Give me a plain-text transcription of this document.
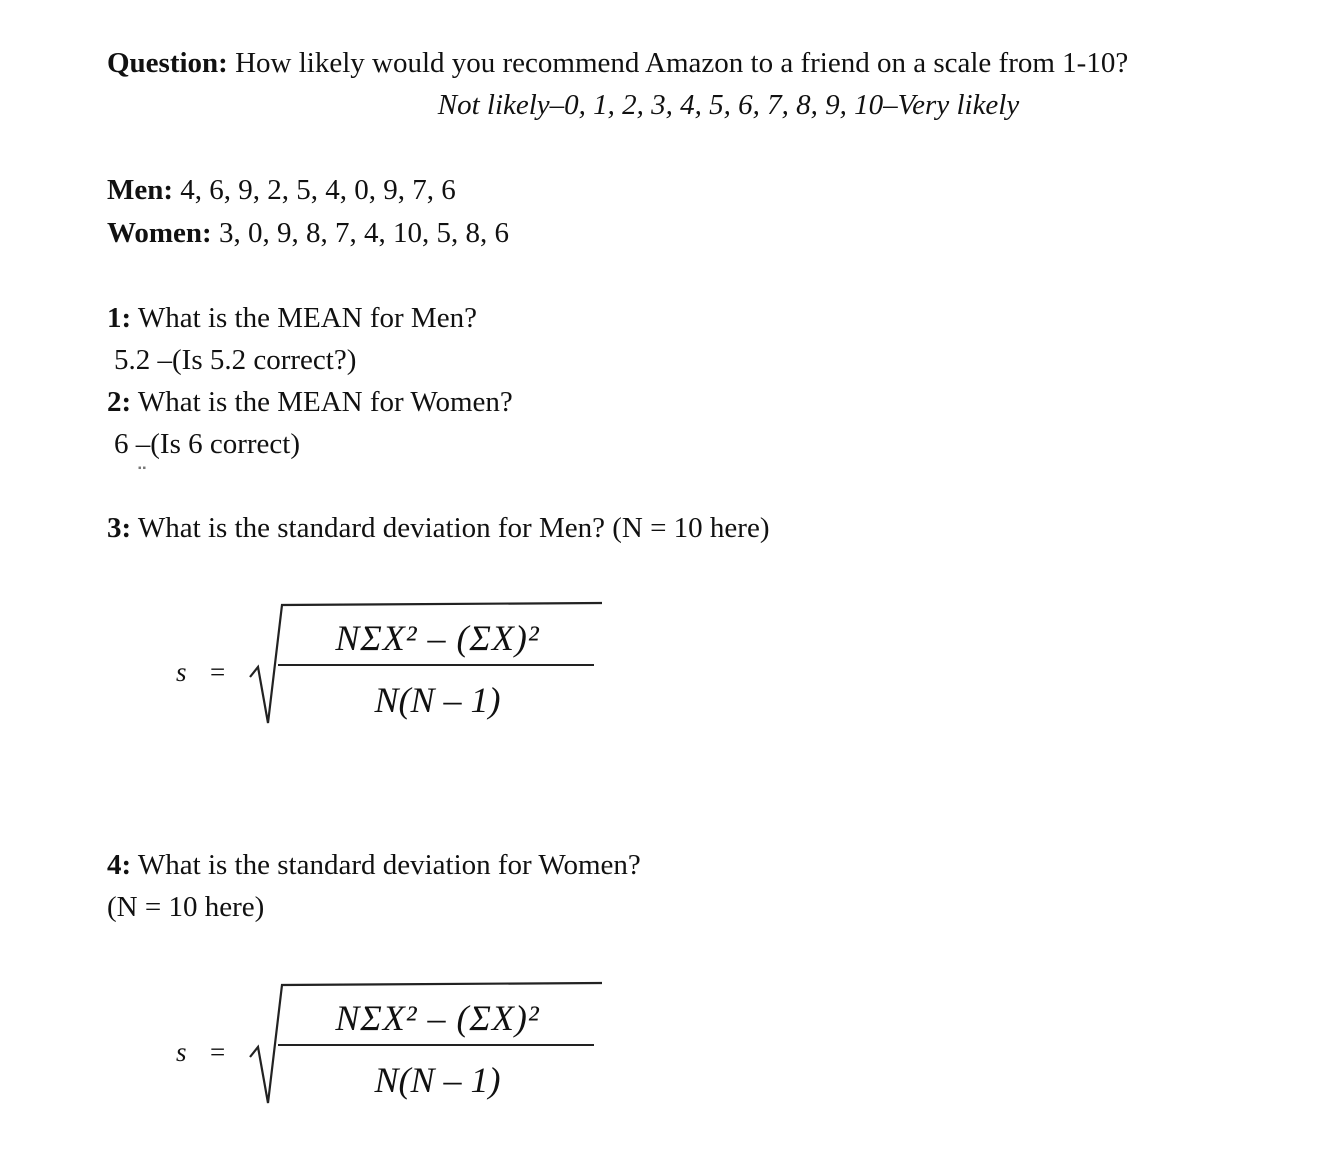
Question: How likely would you recommend Amazon to a friend on a scale from 1-10?
Not likely–0, 1, 2, 3, 4, 5, 6, 7, 8, 9, 10–Very likely
Men: 4, 6, 9, 2, 5, 4, 0, 9, 7, 6
Women: 3, 0, 9, 8, 7, 4, 10, 5, 8, 6
1: What is the MEAN for Men?
5.2 –(Is 5.2 correct?)
2: What is the MEAN for Women?
6 –(Is 6 correct)
▪▪
3: What is the standard deviation for Men? (N = 10 here)
s =
NΣX² – (ΣX)²
N(N – 1)
4: What is the standard deviation for Women?
(N = 10 here)
s =
NΣX² – (ΣX)²
N(N – 1)
